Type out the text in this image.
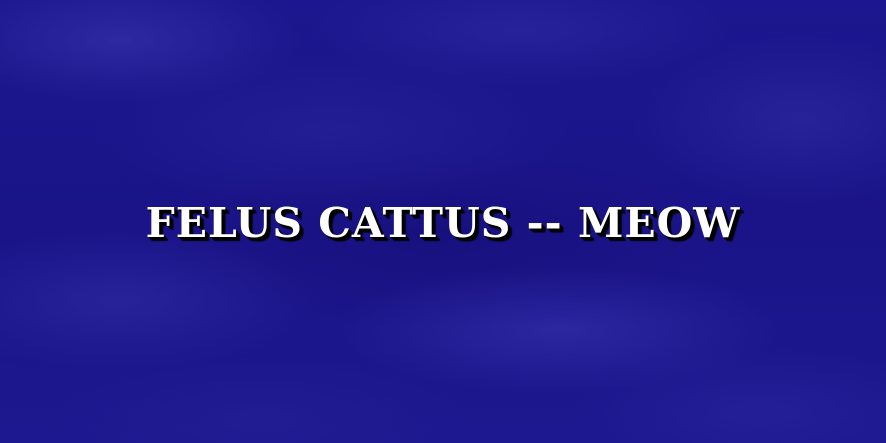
FELUS CATTUS -- MEOW
